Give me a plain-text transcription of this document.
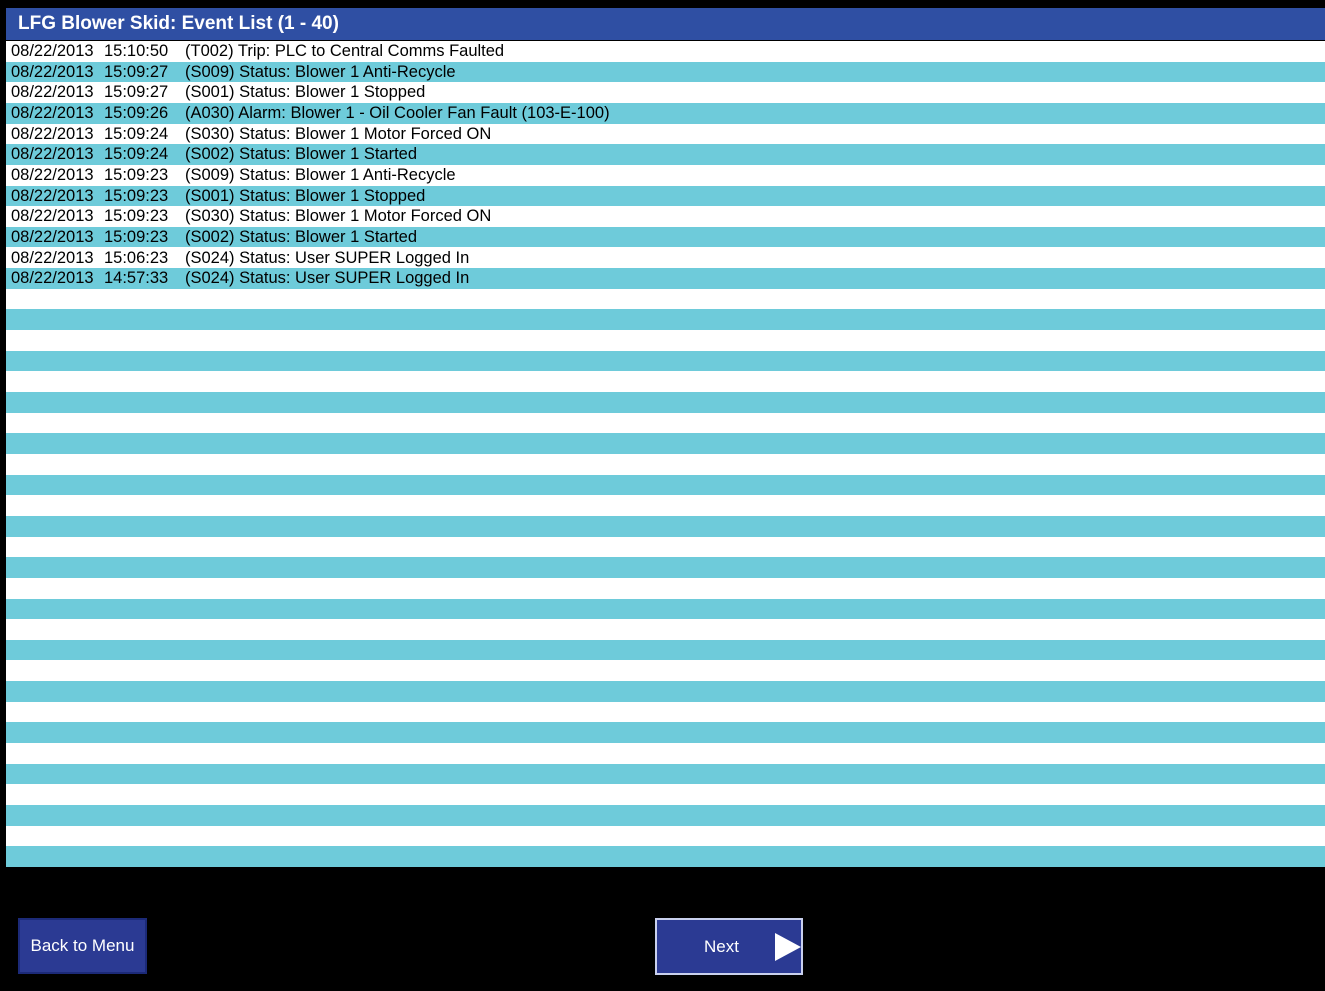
LFG Blower Skid: Event List (1 - 40)
08/22/2013 15:10:50 (T002) Trip: PLC to Central Comms Faulted
08/22/2013 15:09:27 (S009) Status: Blower 1 Anti-Recycle
08/22/2013 15:09:27 (S001) Status: Blower 1 Stopped
08/22/2013 15:09:26 (A030) Alarm: Blower 1 - Oil Cooler Fan Fault (103-E-100)
08/22/2013 15:09:24 (S030) Status: Blower 1 Motor Forced ON
08/22/2013 15:09:24 (S002) Status: Blower 1 Started
08/22/2013 15:09:23 (S009) Status: Blower 1 Anti-Recycle
08/22/2013 15:09:23 (S001) Status: Blower 1 Stopped
08/22/2013 15:09:23 (S030) Status: Blower 1 Motor Forced ON
08/22/2013 15:09:23 (S002) Status: Blower 1 Started
08/22/2013 15:06:23 (S024) Status: User SUPER Logged In
08/22/2013 14:57:33 (S024) Status: User SUPER Logged In
Back to Menu	Next
